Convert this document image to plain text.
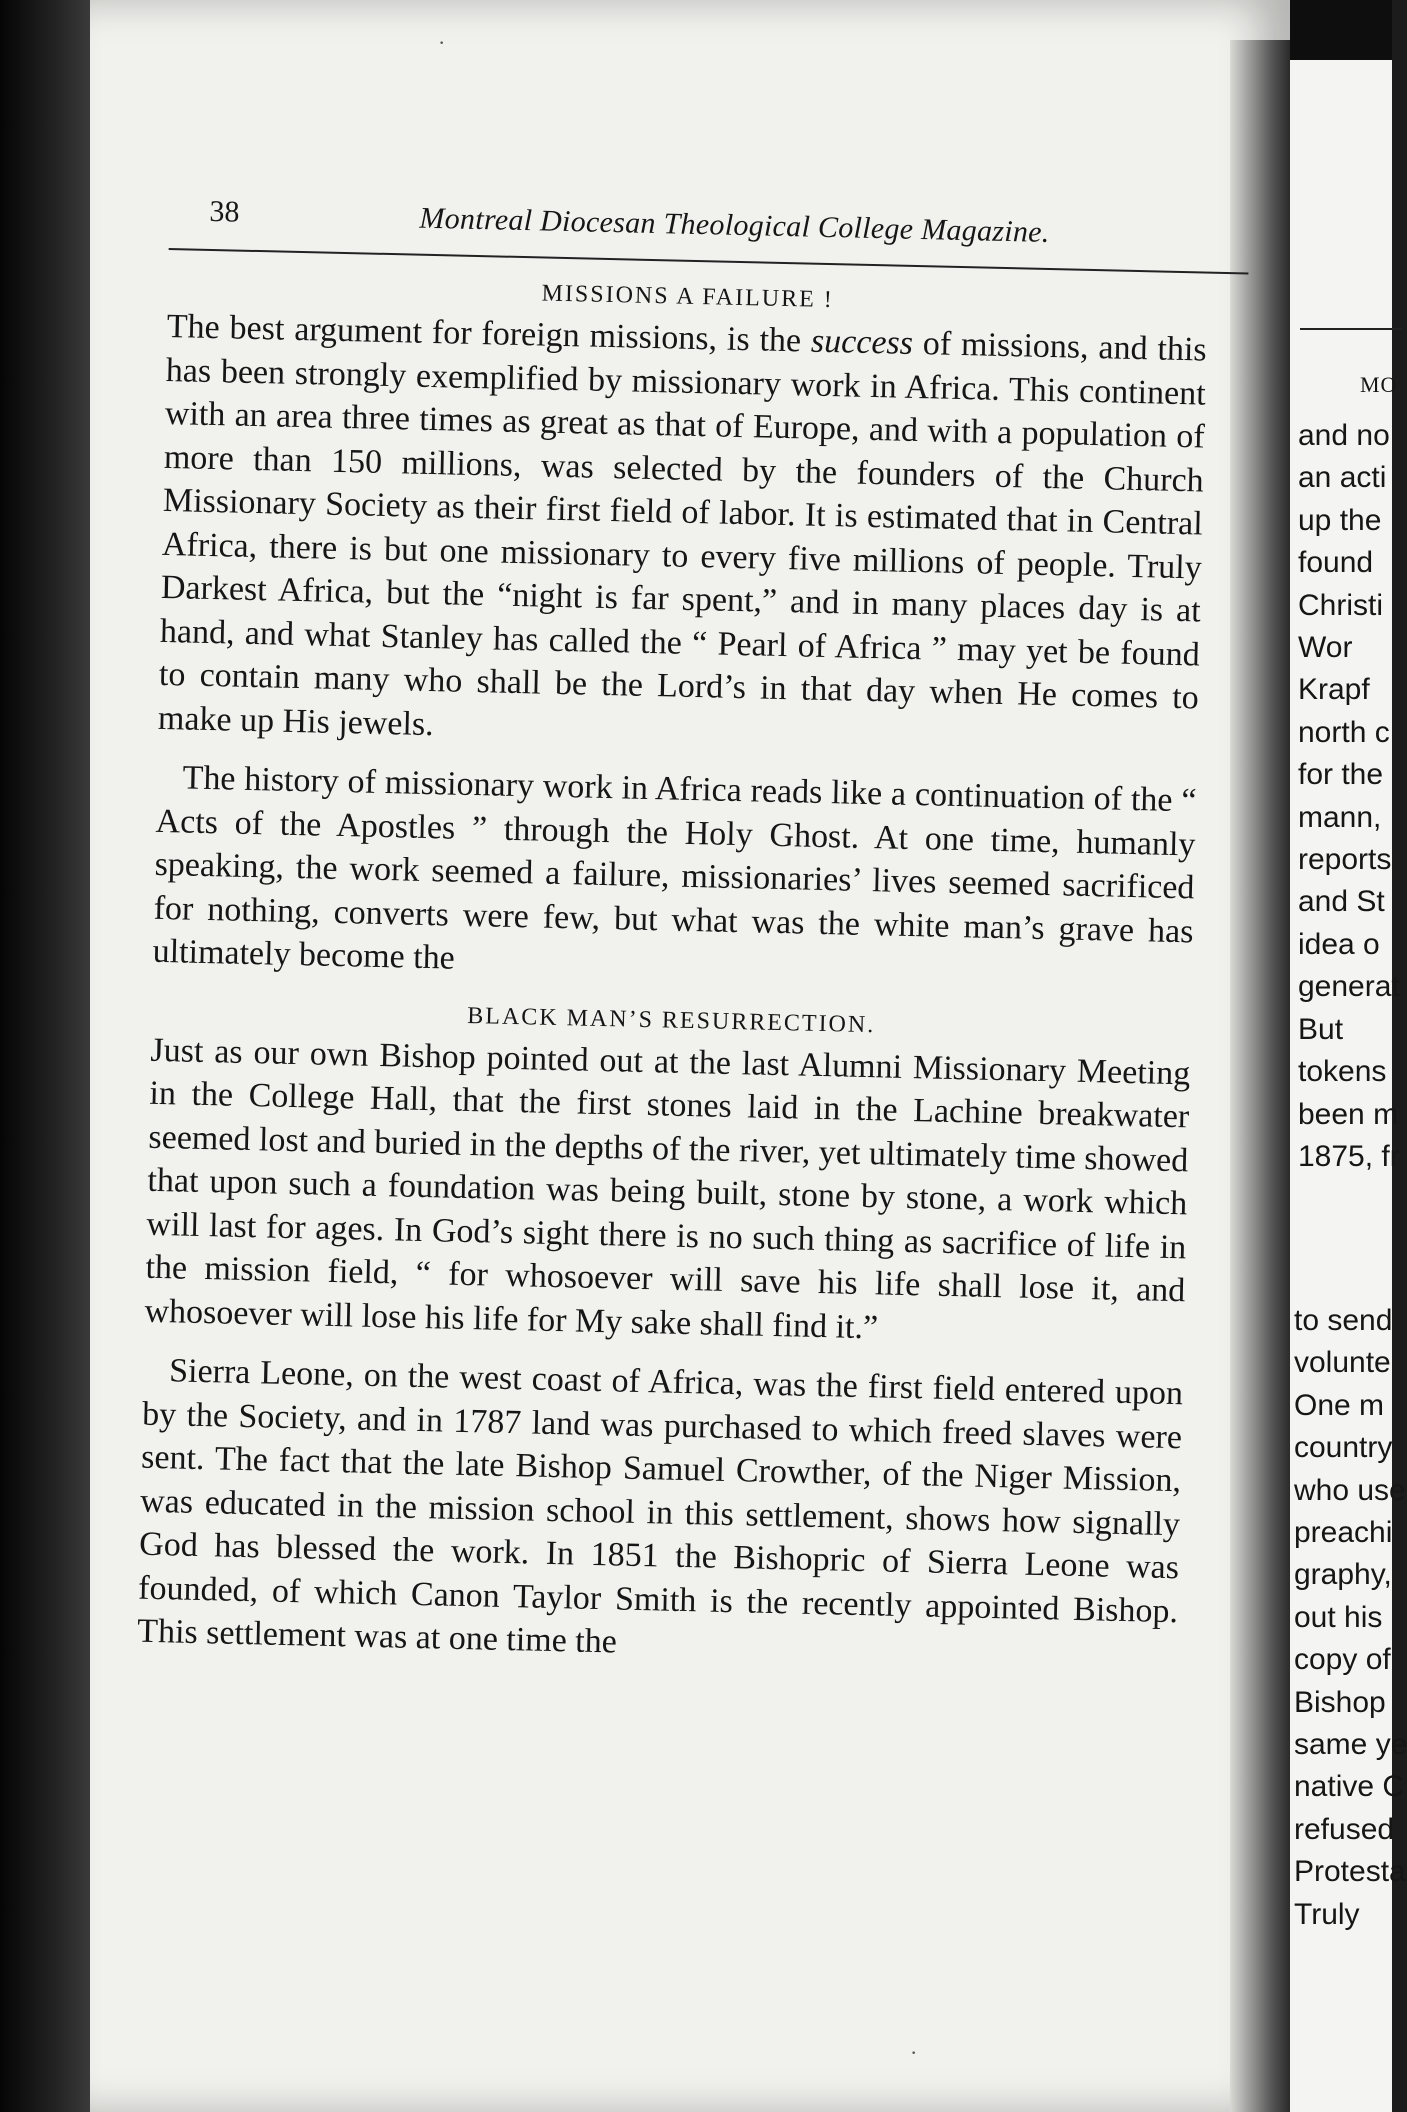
MO
and no
an acti
up the
found
Christi
Wor
Krapf
north c
for the
mann,
reports
and St
idea o
generat
But
tokens
been m
1875, fr
to send
volunte
One m
country
who use
preachi
graphy,
out his
copy of
Bishop
same ye
native C
refused
Protesta
Truly
38	Montreal Diocesan Theological College Magazine.
MISSIONS A FAILURE !

The best argument for foreign missions, is the success of missions, and this has been strongly exemplified by missionary work in Africa. This continent with an area three times as great as that of Europe, and with a population of more than 150 millions, was selected by the founders of the Church Missionary Society as their first field of labor. It is estimated that in Central Africa, there is but one missionary to every five millions of people. Truly Darkest Africa, but the “night is far spent,” and in many places day is at hand, and what Stanley has called the “ Pearl of Africa ” may yet be found to contain many who shall be the Lord’s in that day when He comes to make up His jewels.

The history of missionary work in Africa reads like a continuation of the “ Acts of the Apostles ” through the Holy Ghost. At one time, humanly speaking, the work seemed a failure, missionaries’ lives seemed sacrificed for nothing, converts were few, but what was the white man’s grave has ultimately become the

BLACK MAN’S RESURRECTION.

Just as our own Bishop pointed out at the last Alumni Missionary Meeting in the College Hall, that the first stones laid in the Lachine breakwater seemed lost and buried in the depths of the river, yet ultimately time showed that upon such a foundation was being built, stone by stone, a work which will last for ages. In God’s sight there is no such thing as sacrifice of life in the mission field, “ for whosoever will save his life shall lose it, and whosoever will lose his life for My sake shall find it.”

Sierra Leone, on the west coast of Africa, was the first field entered upon by the Society, and in 1787 land was purchased to which freed slaves were sent. The fact that the late Bishop Samuel Crowther, of the Niger Mission, was educated in the mission school in this settlement, shows how signally God has blessed the work. In 1851 the Bishopric of Sierra Leone was founded, of which Canon Taylor Smith is the recently appointed Bishop. This settlement was at one time the

·
·
